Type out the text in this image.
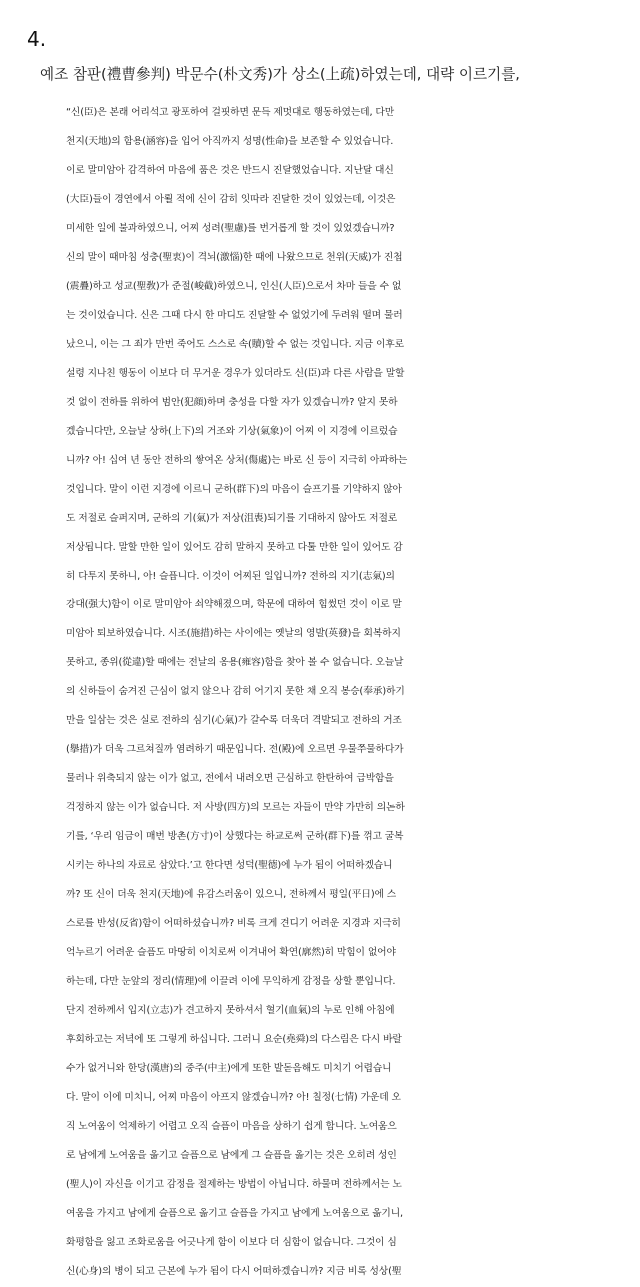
4.
예조 참판(禮曹參判) 박문수(朴文秀)가 상소(上疏)하였는데, 대략 이르기를,
“신(臣)은 본래 어리석고 광포하여 걸핏하면 문득 제멋대로 행동하였는데, 다만
천지(天地)의 함용(涵容)을 입어 아직까지 성명(性命)을 보존할 수 있었습니다.
이로 말미암아 감격하여 마음에 품은 것은 반드시 진달했었습니다. 지난달 대신
(大臣)들이 경연에서 아뢸 적에 신이 감히 잇따라 진달한 것이 있었는데, 이것은
미세한 일에 불과하였으니, 어찌 성려(聖慮)를 번거롭게 할 것이 있었겠습니까?
신의 말이 때마침 성충(聖衷)이 격뇌(激惱)한 때에 나왔으므로 천위(天威)가 진첩
(震疊)하고 성교(聖敎)가 준절(峻截)하였으니, 인신(人臣)으로서 차마 들을 수 없
는 것이었습니다. 신은 그때 다시 한 마디도 진달할 수 없었기에 두려워 떨며 물러
났으니, 이는 그 죄가 만번 죽어도 스스로 속(贖)할 수 없는 것입니다. 지금 이후로
설령 지나친 행동이 이보다 더 무거운 경우가 있더라도 신(臣)과 다른 사람을 말할
것 없이 전하를 위하여 범안(犯顔)하며 충성을 다할 자가 있겠습니까? 알지 못하
겠습니다만, 오늘날 상하(上下)의 거조와 기상(氣象)이 어찌 이 지경에 이르렀습
니까? 아! 십여 년 동안 전하의 쌓여온 상처(傷處)는 바로 신 등이 지극히 아파하는
것입니다. 말이 이런 지경에 이르니 군하(群下)의 마음이 슬프기를 기약하지 않아
도 저절로 슬퍼지며, 군하의 기(氣)가 저상(沮喪)되기를 기대하지 않아도 저절로
저상됩니다. 말할 만한 일이 있어도 감히 말하지 못하고 다툴 만한 일이 있어도 감
히 다투지 못하니, 아! 슬픕니다. 이것이 어찌된 일입니까? 전하의 지기(志氣)의
강대(强大)함이 이로 말미암아 쇠약해졌으며, 학문에 대하여 힘썼던 것이 이로 말
미암아 퇴보하였습니다. 시조(施措)하는 사이에는 옛날의 영발(英發)을 회복하지
못하고, 종위(從違)할 때에는 전날의 옹용(雍容)함을 찾아 볼 수 없습니다. 오늘날
의 신하들이 숨겨진 근심이 없지 않으나 감히 어기지 못한 채 오직 봉승(奉承)하기
만을 일삼는 것은 실로 전하의 심기(心氣)가 갈수록 더욱더 격발되고 전하의 거조
(擧措)가 더욱 그르쳐질까 염려하기 때문입니다. 전(殿)에 오르면 우물쭈물하다가
물러나 위축되지 않는 이가 없고, 전에서 내려오면 근심하고 한탄하여 급박함을
걱정하지 않는 이가 없습니다. 저 사방(四方)의 모르는 자들이 만약 가만히 의논하
기를, ‘우리 임금이 매번 방촌(方寸)이 상했다는 하교로써 군하(群下)를 꺾고 굴복
시키는 하나의 자료로 삼았다.’고 한다면 성덕(聖德)에 누가 됨이 어떠하겠습니
까? 또 신이 더욱 천지(天地)에 유감스러움이 있으니, 전하께서 평일(平日)에 스
스로를 반성(反省)함이 어떠하셨습니까? 비록 크게 견디기 어려운 지경과 지극히
억누르기 어려운 슬픔도 마땅히 이치로써 이겨내어 확연(廓然)히 막힘이 없어야
하는데, 다만 눈앞의 정리(情理)에 이끌려 이에 무익하게 감정을 상할 뿐입니다.
단지 전하께서 입지(立志)가 견고하지 못하셔서 혈기(血氣)의 누로 인해 아침에
후회하고는 저녁에 또 그렇게 하십니다. 그러니 요순(堯舜)의 다스림은 다시 바랄
수가 없거니와 한당(漢唐)의 중주(中主)에게 또한 발돋음해도 미치기 어렵습니
다. 말이 이에 미치니, 어찌 마음이 아프지 않겠습니까? 아! 칠정(七情) 가운데 오
직 노여움이 억제하기 어렵고 오직 슬픔이 마음을 상하기 쉽게 합니다. 노여움으
로 남에게 노여움을 옮기고 슬픔으로 남에게 그 슬픔을 옮기는 것은 오히려 성인
(聖人)이 자신을 이기고 감정을 절제하는 방법이 아닙니다. 하물며 전하께서는 노
여움을 가지고 남에게 슬픔으로 옮기고 슬픔을 가지고 남에게 노여움으로 옮기니,
화평함을 잃고 조화로움을 어긋나게 함이 이보다 더 심함이 없습니다. 그것이 심
신(心身)의 병이 되고 근본에 누가 됨이 다시 어떠하겠습니까? 지금 비록 성상(聖
